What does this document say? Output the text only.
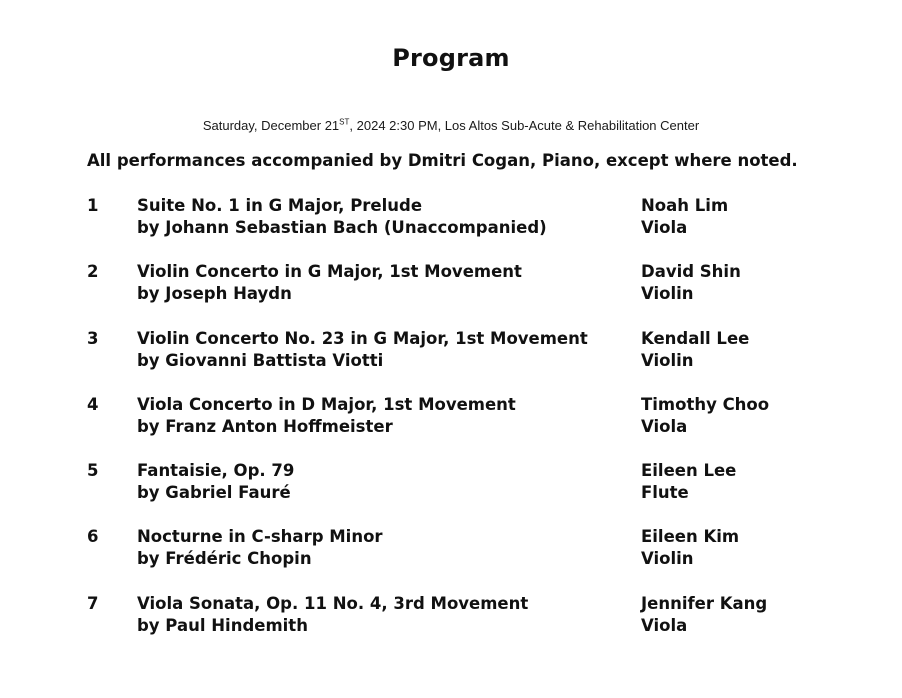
Program
Saturday, December 21ST, 2024 2:30 PM, Los Altos Sub-Acute & Rehabilitation Center
All performances accompanied by Dmitri Cogan, Piano, except where noted.
1 Suite No. 1 in G Major, Prelude
by Johann Sebastian Bach (Unaccompanied)
Noah Lim
Viola
2 Violin Concerto in G Major, 1st Movement
by Joseph Haydn
David Shin
Violin
3 Violin Concerto No. 23 in G Major, 1st Movement
by Giovanni Battista Viotti
Kendall Lee
Violin
4 Viola Concerto in D Major, 1st Movement
by Franz Anton Hoffmeister
Timothy Choo
Viola
5 Fantaisie, Op. 79
by Gabriel Fauré
Eileen Lee
Flute
6 Nocturne in C-sharp Minor
by Frédéric Chopin
Eileen Kim
Violin
7 Viola Sonata, Op. 11 No. 4, 3rd Movement
by Paul Hindemith
Jennifer Kang
Viola
